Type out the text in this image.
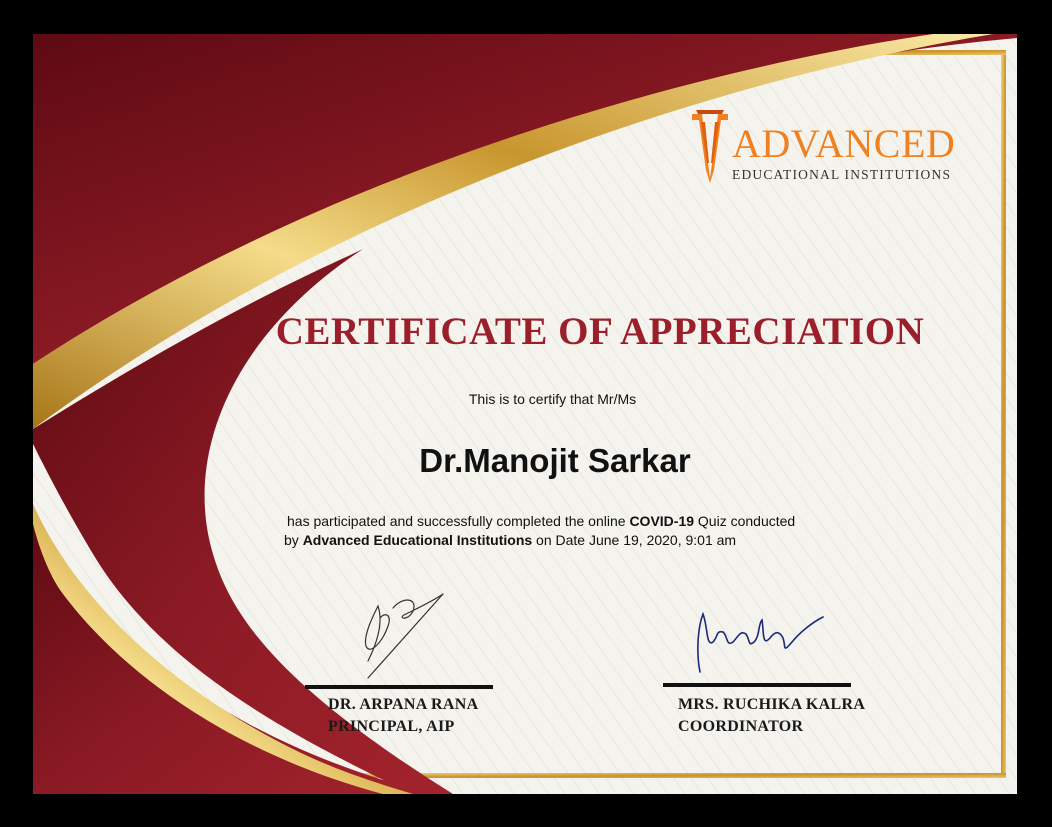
ADVANCED
EDUCATIONAL INSTITUTIONS
CERTIFICATE OF APPRECIATION
This is to certify that Mr/Ms
Dr.Manojit Sarkar
has participated and successfully completed the online COVID-19 Quiz conducted
by Advanced Educational Institutions on Date June 19, 2020, 9:01 am
DR. ARPANA RANA
PRINCIPAL, AIP
MRS. RUCHIKA KALRA
COORDINATOR
